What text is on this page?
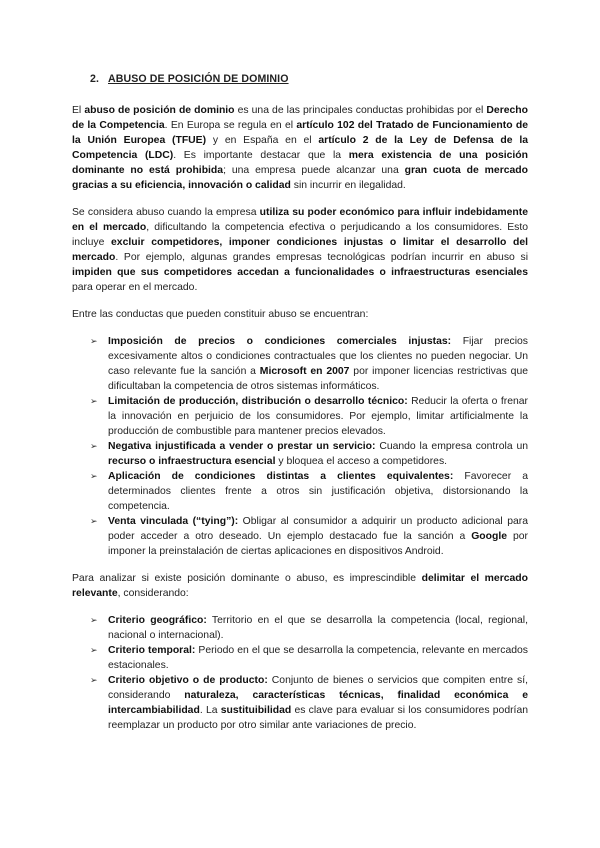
2. ABUSO DE POSICIÓN DE DOMINIO

El abuso de posición de dominio es una de las principales conductas prohibidas por el Derecho de la Competencia. En Europa se regula en el artículo 102 del Tratado de Funcionamiento de la Unión Europea (TFUE) y en España en el artículo 2 de la Ley de Defensa de la Competencia (LDC). Es importante destacar que la mera existencia de una posición dominante no está prohibida; una empresa puede alcanzar una gran cuota de mercado gracias a su eficiencia, innovación o calidad sin incurrir en ilegalidad.

Se considera abuso cuando la empresa utiliza su poder económico para influir indebidamente en el mercado, dificultando la competencia efectiva o perjudicando a los consumidores. Esto incluye excluir competidores, imponer condiciones injustas o limitar el desarrollo del mercado. Por ejemplo, algunas grandes empresas tecnológicas podrían incurrir en abuso si impiden que sus competidores accedan a funcionalidades o infraestructuras esenciales para operar en el mercado.

Entre las conductas que pueden constituir abuso se encuentran:

➢ Imposición de precios o condiciones comerciales injustas: Fijar precios excesivamente altos o condiciones contractuales que los clientes no pueden negociar. Un caso relevante fue la sanción a Microsoft en 2007 por imponer licencias restrictivas que dificultaban la competencia de otros sistemas informáticos.
➢ Limitación de producción, distribución o desarrollo técnico: Reducir la oferta o frenar la innovación en perjuicio de los consumidores. Por ejemplo, limitar artificialmente la producción de combustible para mantener precios elevados.
➢ Negativa injustificada a vender o prestar un servicio: Cuando la empresa controla un recurso o infraestructura esencial y bloquea el acceso a competidores.
➢ Aplicación de condiciones distintas a clientes equivalentes: Favorecer a determinados clientes frente a otros sin justificación objetiva, distorsionando la competencia.
➢ Venta vinculada (“tying”): Obligar al consumidor a adquirir un producto adicional para poder acceder a otro deseado. Un ejemplo destacado fue la sanción a Google por imponer la preinstalación de ciertas aplicaciones en dispositivos Android.

Para analizar si existe posición dominante o abuso, es imprescindible delimitar el mercado relevante, considerando:

➢ Criterio geográfico: Territorio en el que se desarrolla la competencia (local, regional, nacional o internacional).
➢ Criterio temporal: Periodo en el que se desarrolla la competencia, relevante en mercados estacionales.
➢ Criterio objetivo o de producto: Conjunto de bienes o servicios que compiten entre sí, considerando naturaleza, características técnicas, finalidad económica e intercambiabilidad. La sustituibilidad es clave para evaluar si los consumidores podrían reemplazar un producto por otro similar ante variaciones de precio.
